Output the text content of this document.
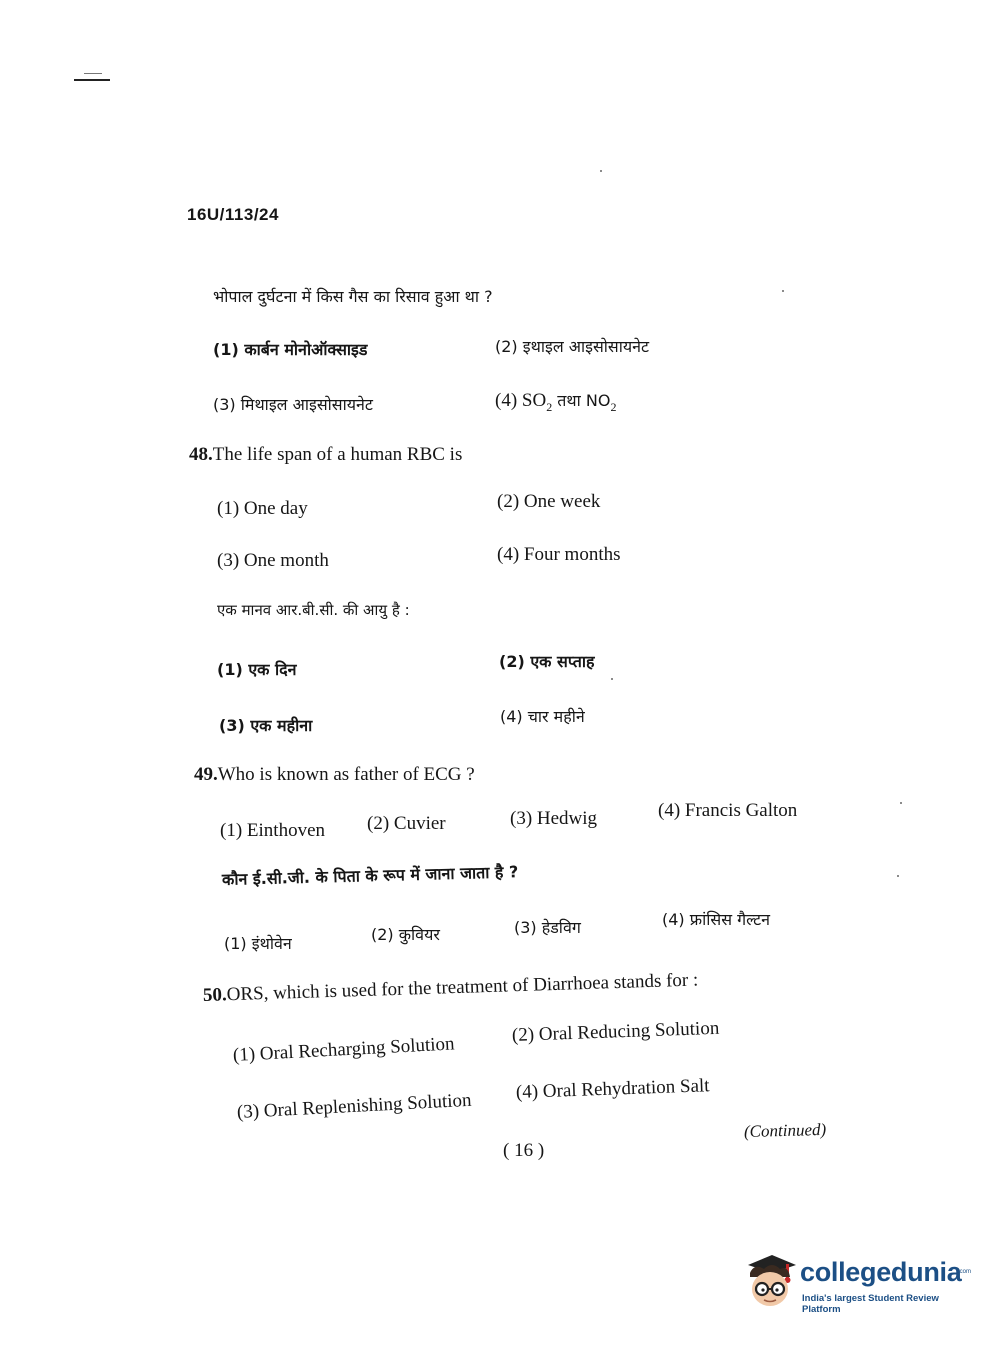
16U/113/24
भोपाल दुर्घटना में किस गैस का रिसाव हुआ था ?
(1) कार्बन मोनोऑक्साइड	(2) इथाइल आइसोसायनेट
(3) मिथाइल आइसोसायनेट	(4) $SO_2$ तथा $NO_2$
48.The life span of a human RBC is
(1) One day	(2) One week
(3) One month	(4) Four months
एक मानव आर.बी.सी. की आयु है :
(1) एक दिन	(2) एक सप्ताह
(3) एक महीना	(4) चार महीने
49.Who is known as father of ECG ?
(1) Einthoven (2) Cuvier	(3) Hedwig	(4) Francis Galton
कौन ई.सी.जी. के पिता के रूप में जाना जाता है ?
(1) इंथोवेन	(2) कुवियर	(3) हेडविग	(4) फ्रांसिस गैल्टन
50.ORS, which is used for the treatment of Diarrhoea stands for :
(1) Oral Recharging Solution
(2) Oral Reducing Solution
(3) Oral Replenishing Solution
(4) Oral Rehydration Salt
(Continued)
( 16 )
collegedunia
.com
India's largest Student Review Platform
